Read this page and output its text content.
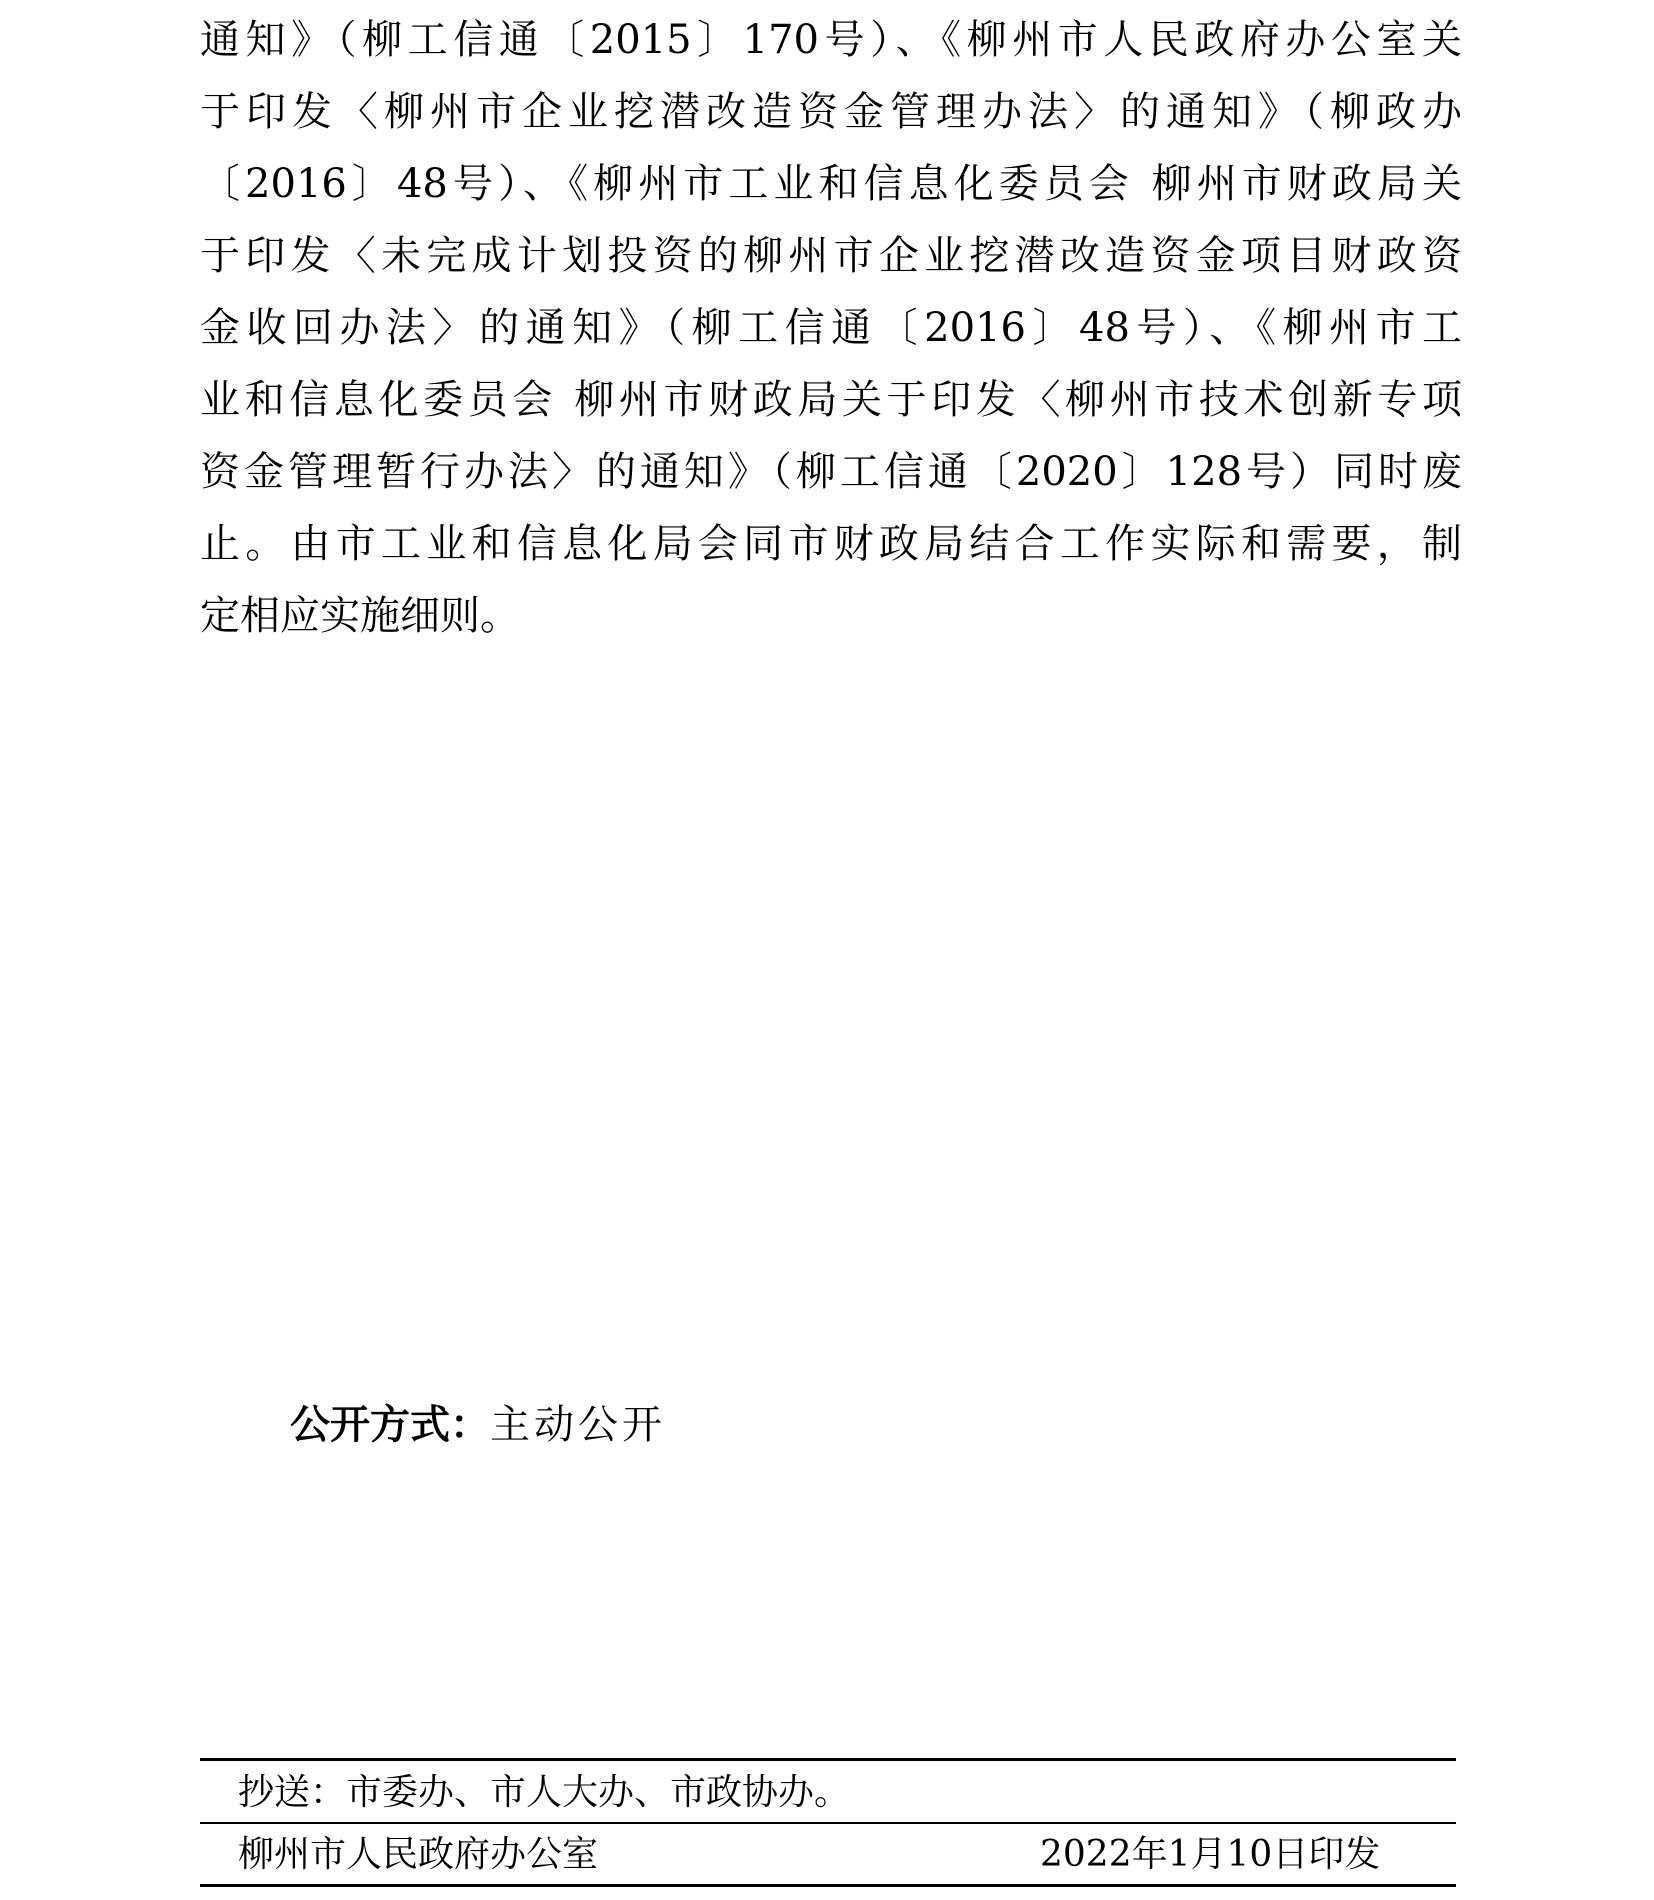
通知》（柳工信通〔2015〕170号）、《柳州市人民政府办公室关
于印发〈柳州市企业挖潜改造资金管理办法〉的通知》（柳政办
〔2016〕48号）、《柳州市工业和信息化委员会 柳州市财政局关
于印发〈未完成计划投资的柳州市企业挖潜改造资金项目财政资
金收回办法〉的通知》（柳工信通〔2016〕48号）、《柳州市工
业和信息化委员会 柳州市财政局关于印发〈柳州市技术创新专项
资金管理暂行办法〉的通知》（柳工信通〔2020〕128号）同时废
止。由市工业和信息化局会同市财政局结合工作实际和需要，制
定相应实施细则。
公开方式：主动公开
抄送：市委办、市人大办、市政协办。
柳州市人民政府办公室	2022年1月10日印发
